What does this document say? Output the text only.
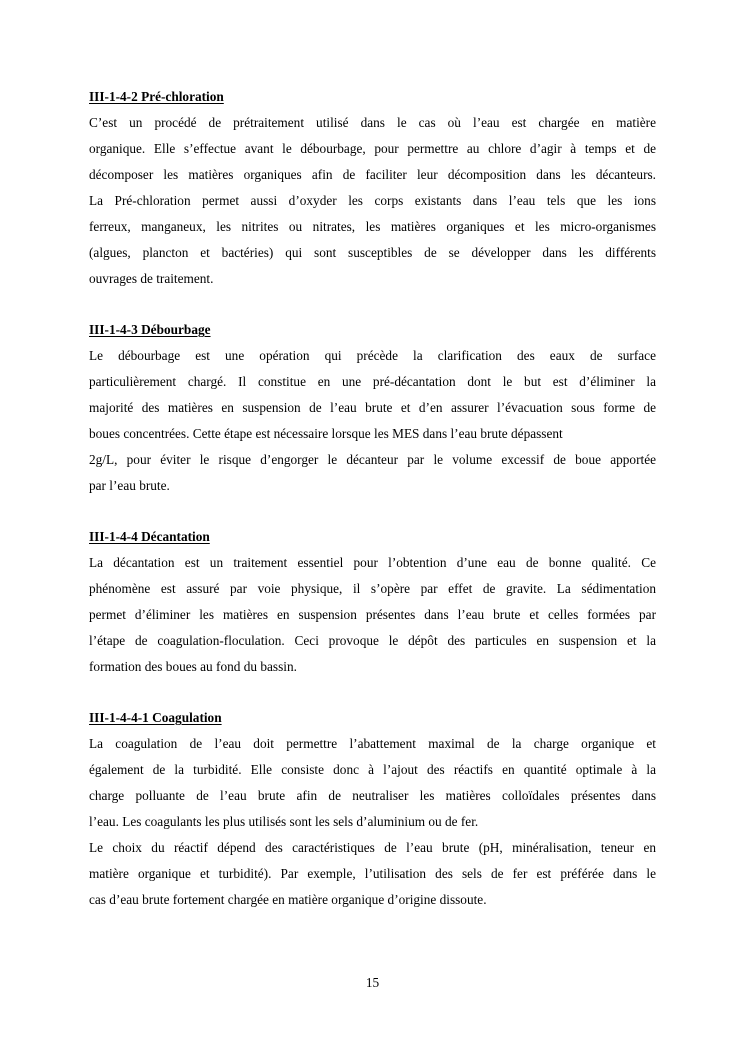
III-1-4-2 Pré-chloration
C’est un procédé de prétraitement utilisé dans le cas où l’eau est chargée en matière
organique. Elle s’effectue avant le débourbage, pour permettre au chlore d’agir à temps et de
décomposer les matières organiques afin de faciliter leur décomposition dans les décanteurs.
La Pré-chloration permet aussi d’oxyder les corps existants dans l’eau tels que les ions
ferreux, manganeux, les nitrites ou nitrates, les matières organiques et les micro-organismes
(algues, plancton et bactéries) qui sont susceptibles de se développer dans les différents
ouvrages de traitement.
III-1-4-3 Débourbage
Le débourbage est une opération qui précède la clarification des eaux de surface
particulièrement chargé. Il constitue en une pré-décantation dont le but est d’éliminer la
majorité des matières en suspension de l’eau brute et d’en assurer l’évacuation sous forme de
boues concentrées. Cette étape est nécessaire lorsque les MES dans l’eau brute dépassent
2g/L, pour éviter le risque d’engorger le décanteur par le volume excessif de boue apportée
par l’eau brute.
III-1-4-4 Décantation
La décantation est un traitement essentiel pour l’obtention d’une eau de bonne qualité. Ce
phénomène est assuré par voie physique, il s’opère par effet de gravite. La sédimentation
permet d’éliminer les matières en suspension présentes dans l’eau brute et celles formées par
l’étape de coagulation-floculation. Ceci provoque le dépôt des particules en suspension et la
formation des boues au fond du bassin.
III-1-4-4-1 Coagulation
La coagulation de l’eau doit permettre l’abattement maximal de la charge organique et
également de la turbidité. Elle consiste donc à l’ajout des réactifs en quantité optimale à la
charge polluante de l’eau brute afin de neutraliser les matières colloïdales présentes dans
l’eau. Les coagulants les plus utilisés sont les sels d’aluminium ou de fer.
Le choix du réactif dépend des caractéristiques de l’eau brute (pH, minéralisation, teneur en
matière organique et turbidité). Par exemple, l’utilisation des sels de fer est préférée dans le
cas d’eau brute fortement chargée en matière organique d’origine dissoute.
15
